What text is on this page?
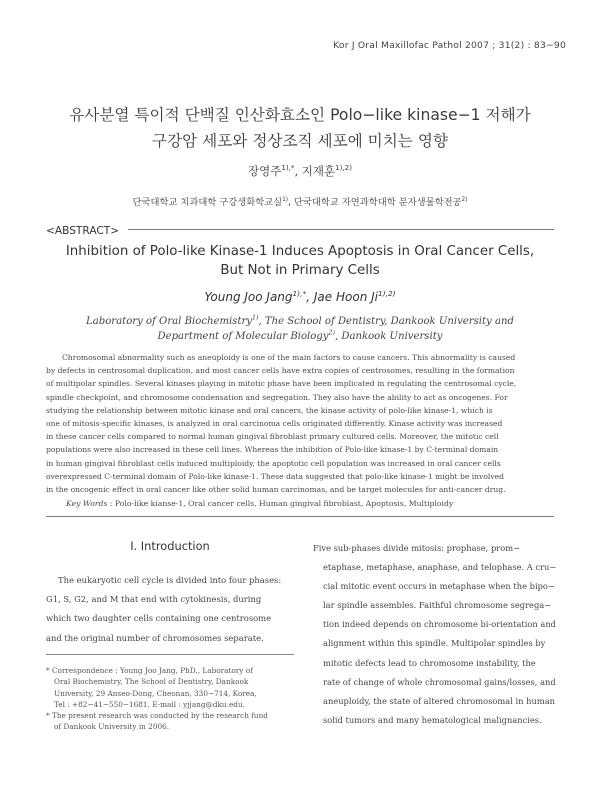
Kor J Oral Maxillofac Pathol 2007 ; 31(2) : 83−90
유사분열 특이적 단백질 인산화효소인 Polo−like kinase−1 저해가
구강암 세포와 정상조직 세포에 미치는 영향
장영주$^{1),*}$, 지재훈$^{1),2)}$
단국대학교 치과대학 구강생화학교실$^{1)}$, 단국대학교 자연과학대학 분자생물학전공$^{2)}$
<ABSTRACT>
Inhibition of Polo-like Kinase-1 Induces Apoptosis in Oral Cancer Cells,
But Not in Primary Cells
Young Joo Jang$^{1),*}$, Jae Hoon $Ji^{1),2)}$
Laboratory of Oral Biochemistry$^{1)}$, The School of Dentistry, Dankook University and
Department of Molecular Biology$^{2)}$, Dankook University
Chromosomal abnormality such as aneuploidy is one of the main factors to cause cancers. This abnormality is caused
by defects in centrosomal duplication, and most cancer cells have extra copies of centrosomes, resulting in the formation
of multipolar spindles. Several kinases playing in mitotic phase have been implicated in regulating the centrosomal cycle,
spindle checkpoint, and chromosome condensation and segregation. They also have the ability to act as oncogenes. For
studying the relationship between mitotic kinase and oral cancers, the kinase activity of polo-like kinase-1, which is
one of mitosis-specific kinases, is analyzed in oral carcinoma cells originated differently. Kinase activity was increased
in these cancer cells compared to normal human gingival fibroblast primary cultured cells. Moreover, the mitotic cell
populations were also increased in these cell lines. Whereas the inhibition of Polo-like kinase-1 by C-terminal domain
in human gingival fibroblast cells induced multiploidy, the apoptotic cell population was increased in oral cancer cells
overexpressed C-terminal domain of Polo-like kinase-1. These data suggested that polo-like kinase-1 might be involved
in the oncogenic effect in oral cancer like other solid human carcinomas, and be target molecules for anti-cancer drug.
Key Words : Polo-like kianse-1, Oral cancer cells, Human gingival fibroblast, Apoptosis, Multiploidy
I. Introduction
The eukaryotic cell cycle is divided into four phases:
G1, S, G2, and M that end with cytokinesis, during
which two daughter cells containing one centrosome
and the original number of chromosomes separate.
* Correspondence : Young Joo Jang, PhD., Laboratory of
Oral Biochemistry, The School of Dentistry, Dankook
University, 29 Anseo-Dong, Cheonan, 330−714, Korea,
Tel : +82−41−550−1681, E-mail : yjjang@dku.edu.
* The present research was conducted by the research fund
of Dankook University in 2006.
Five sub-phases divide mitosis: prophase, prom−
etaphase, metaphase, anaphase, and telophase. A cru−
cial mitotic event occurs in metaphase when the bipo−
lar spindle assembles. Faithful chromosome segrega−
tion indeed depends on chromosome bi-orientation and
alignment within this spindle. Multipolar spindles by
mitotic defects lead to chromosome instability, the
rate of change of whole chromosomal gains/losses, and
aneuploidy, the state of altered chromosomal in human
solid tumors and many hematological malignancies.
